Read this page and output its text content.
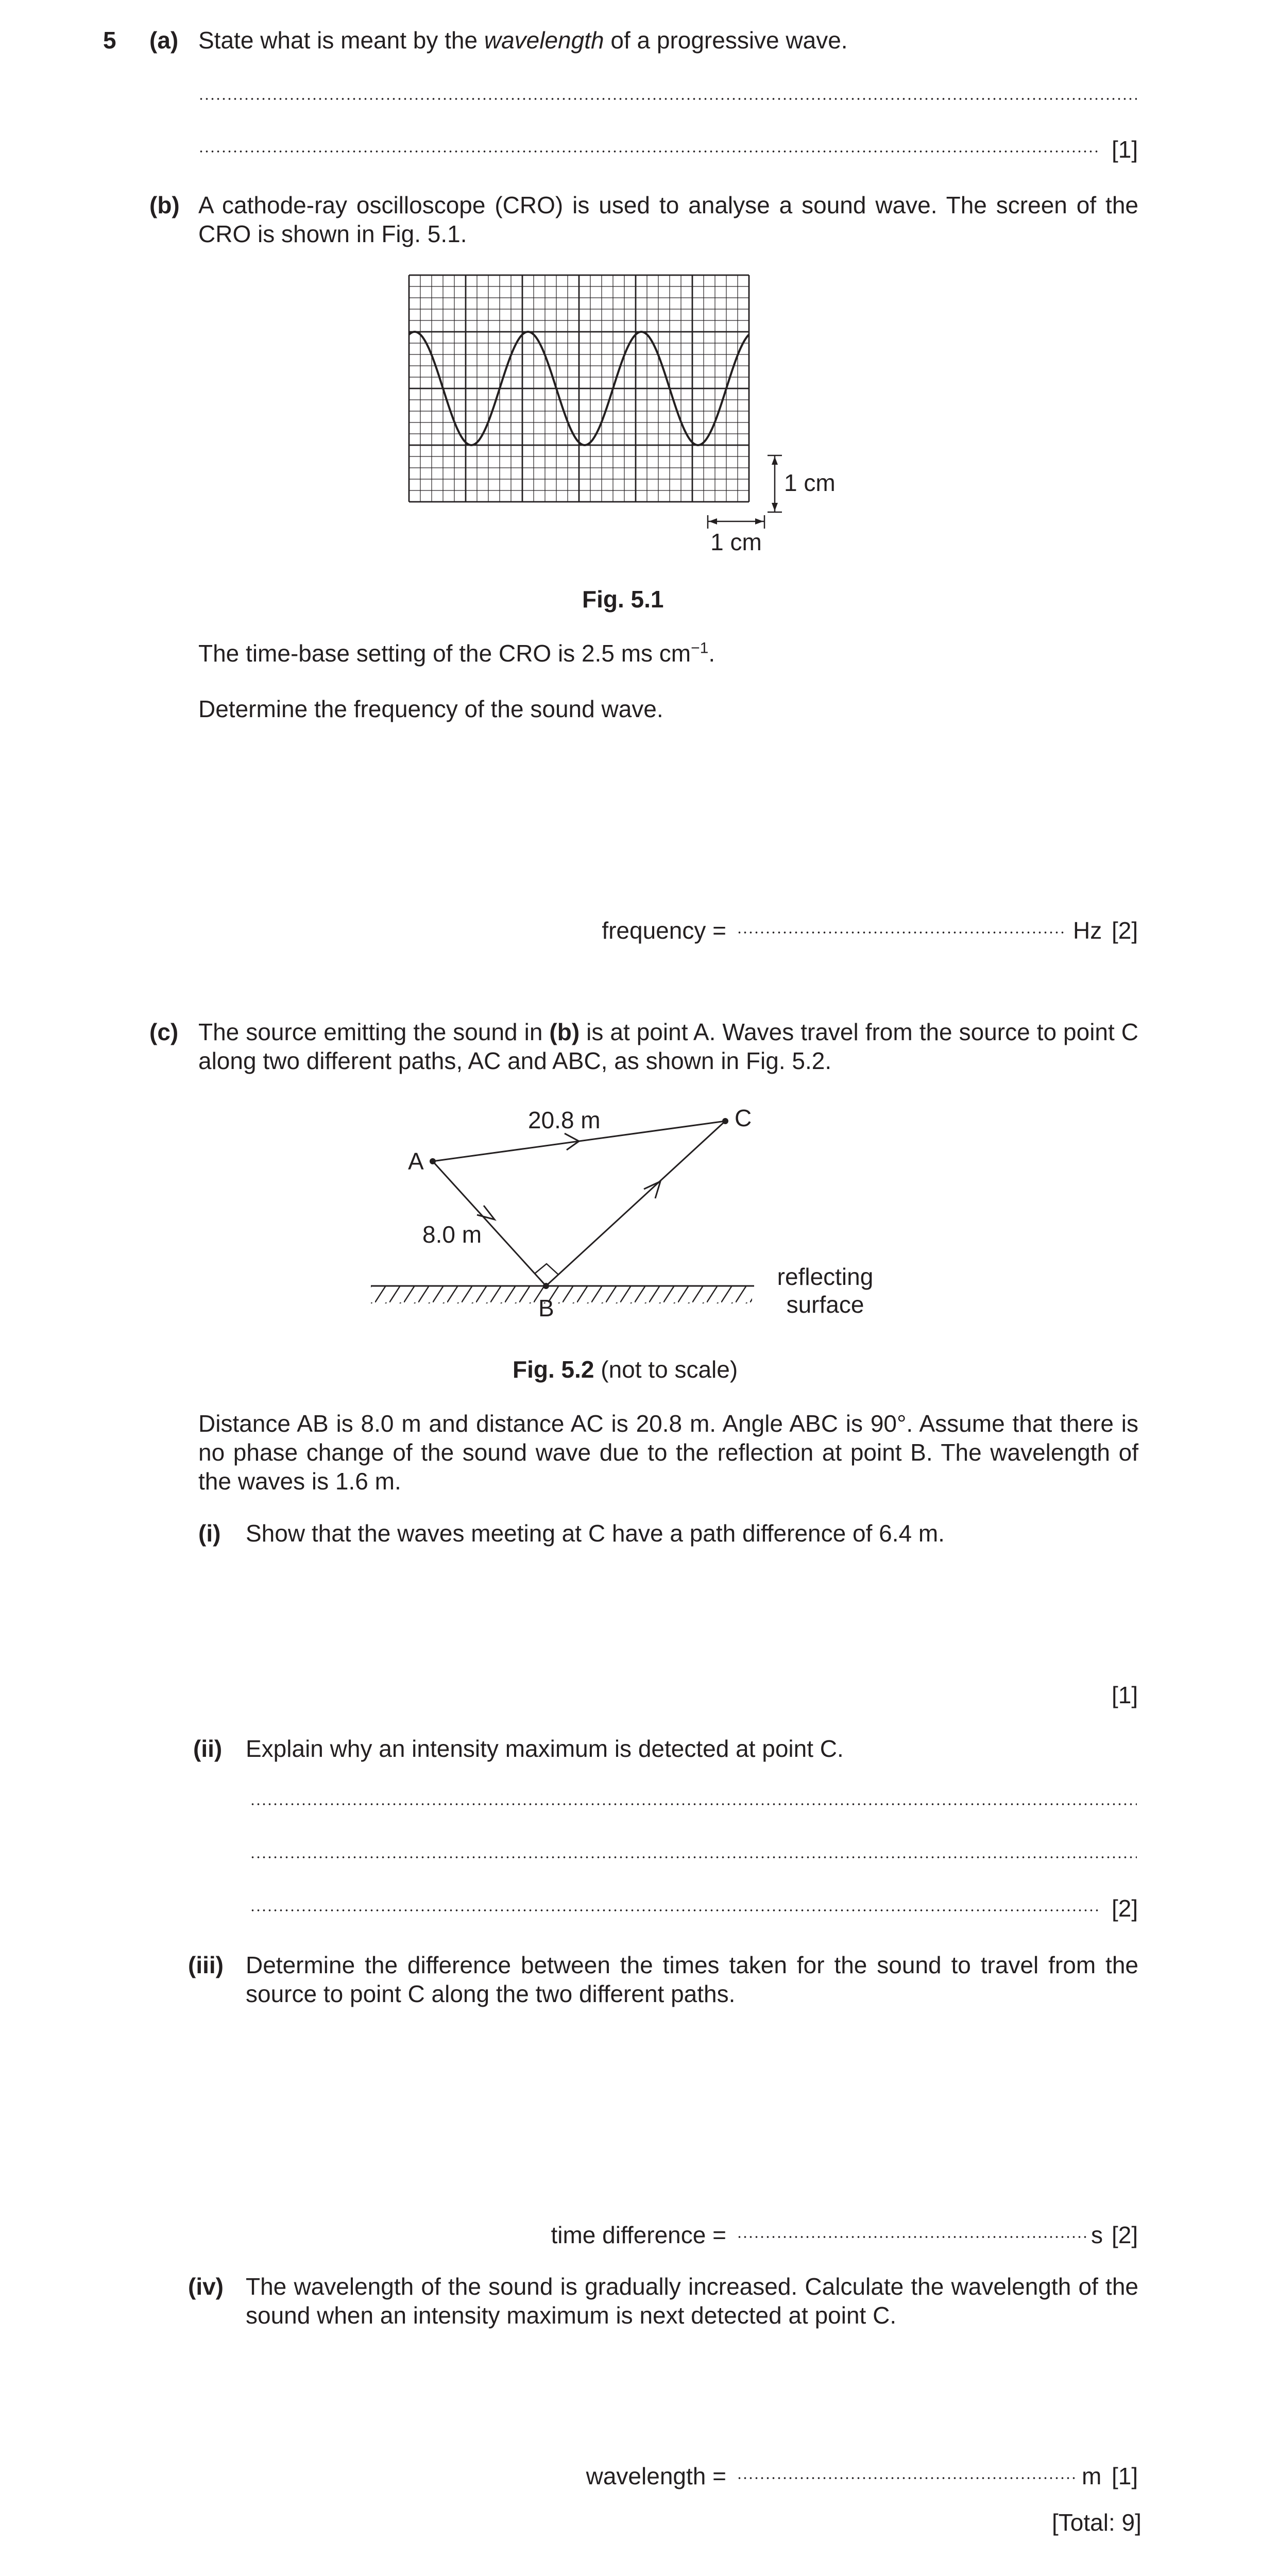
5 (a) State what is meant by the wavelength of a progressive wave.
[1]
(b) A cathode-ray oscilloscope (CRO) is used to analyse a sound wave. The screen of the CRO is shown in Fig. 5.1.
1 cm
1 cm
Fig. 5.1
The time-base setting of the CRO is 2.5 ms $cm^{-1}$.
Determine the frequency of the sound wave.
frequency =	Hz [2]
(c) The source emitting the sound in (b) is at point A. Waves travel from the source to point C along two different paths, AC and ABC, as shown in Fig. 5.2.
A
B
C
20.8 m
8.0 m
reflecting
surface
Fig. 5.2 (not to scale)
Distance AB is 8.0 m and distance AC is 20.8 m. Angle ABC is 90°. Assume that there is no phase change of the sound wave due to the reflection at point B. The wavelength of the waves is 1.6 m.
(i) Show that the waves meeting at C have a path difference of 6.4 m.
[1]
(ii) Explain why an intensity maximum is detected at point C.
[2]
(iii) Determine the difference between the times taken for the sound to travel from the source to point C along the two different paths.
time difference =	s [2]
(iv) The wavelength of the sound is gradually increased. Calculate the wavelength of the sound when an intensity maximum is next detected at point C.
wavelength =	m [1]
[Total: 9]
